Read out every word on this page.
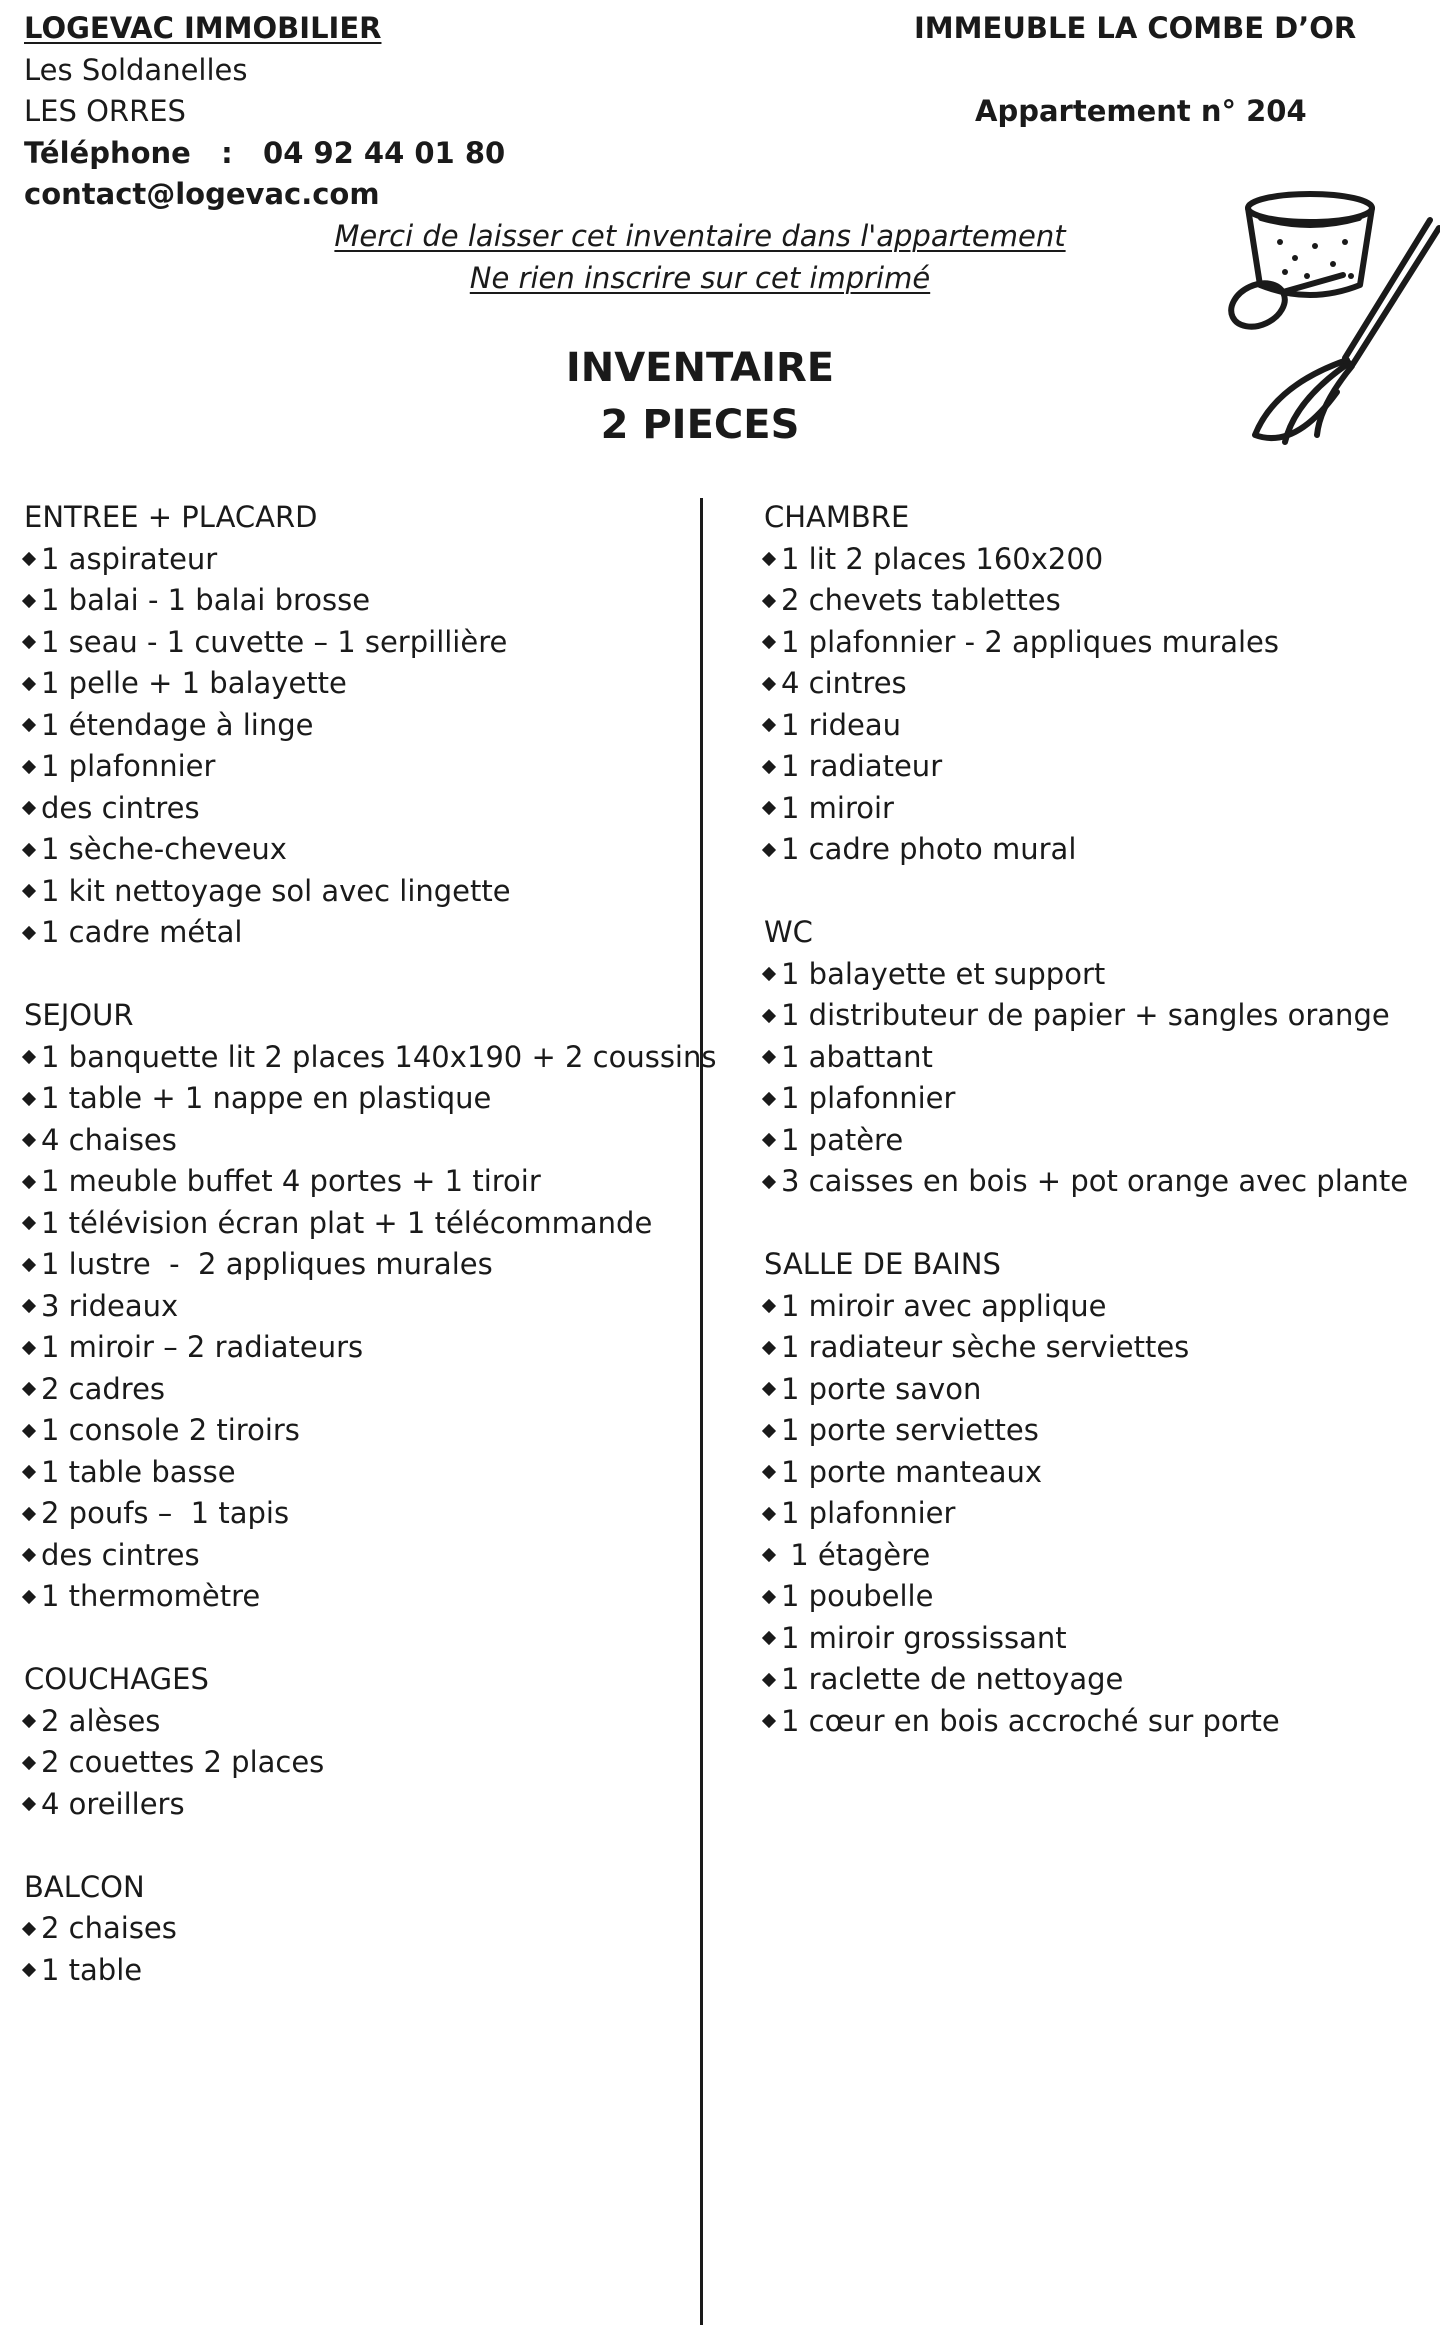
LOGEVAC IMMOBILIER
Les Soldanelles
LES ORRES
Téléphone   :   04 92 44 01 80
contact@logevac.com
IMMEUBLE LA COMBE D’OR
Appartement n° 204
Merci de laisser cet inventaire dans l'appartement
Ne rien inscrire sur cet imprimé
INVENTAIRE
2 PIECES
ENTREE + PLACARD
1 aspirateur
1 balai - 1 balai brosse
1 seau - 1 cuvette – 1 serpillière
1 pelle + 1 balayette
1 étendage à linge
1 plafonnier
des cintres
1 sèche-cheveux
1 kit nettoyage sol avec lingette
1 cadre métal
SEJOUR
1 banquette lit 2 places 140x190 + 2 coussins
1 table + 1 nappe en plastique
4 chaises
1 meuble buffet 4 portes + 1 tiroir
1 télévision écran plat + 1 télécommande
1 lustre  -  2 appliques murales
3 rideaux
1 miroir – 2 radiateurs
2 cadres
1 console 2 tiroirs
1 table basse
2 poufs –  1 tapis
des cintres
1 thermomètre
COUCHAGES
2 alèses
2 couettes 2 places
4 oreillers
BALCON
2 chaises
1 table
CHAMBRE
1 lit 2 places 160x200
2 chevets tablettes
1 plafonnier - 2 appliques murales
4 cintres
1 rideau
1 radiateur
1 miroir
1 cadre photo mural
WC
1 balayette et support
1 distributeur de papier + sangles orange
1 abattant
1 plafonnier
1 patère
3 caisses en bois + pot orange avec plante
SALLE DE BAINS
1 miroir avec applique
1 radiateur sèche serviettes
1 porte savon
1 porte serviettes
1 porte manteaux
1 plafonnier
1 étagère
1 poubelle
1 miroir grossissant
1 raclette de nettoyage
1 cœur en bois accroché sur porte
